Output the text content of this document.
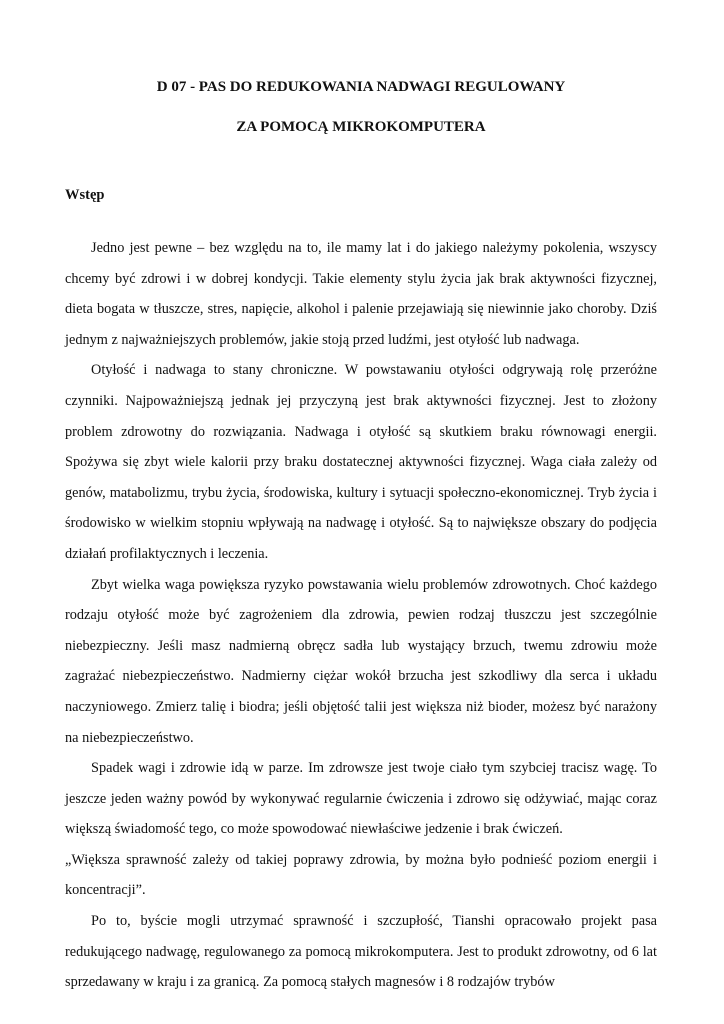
D 07 - PAS DO REDUKOWANIA NADWAGI REGULOWANY
ZA POMOCĄ MIKROKOMPUTERA
Wstęp

Jedno jest pewne – bez względu na to, ile mamy lat i do jakiego należymy pokolenia, wszyscy chcemy być zdrowi i w dobrej kondycji. Takie elementy stylu życia jak brak aktywności fizycznej, dieta bogata w tłuszcze, stres, napięcie, alkohol i palenie przejawiają się niewinnie jako choroby. Dziś jednym z najważniejszych problemów, jakie stoją przed ludźmi, jest otyłość lub nadwaga.

Otyłość i nadwaga to stany chroniczne. W powstawaniu otyłości odgrywają rolę przeróżne czynniki. Najpoważniejszą jednak jej przyczyną jest brak aktywności fizycznej. Jest to złożony problem zdrowotny do rozwiązania. Nadwaga i otyłość są skutkiem braku równowagi energii. Spożywa się zbyt wiele kalorii przy braku dostatecznej aktywności fizycznej. Waga ciała zależy od genów, matabolizmu, trybu życia, środowiska, kultury i sytuacji społeczno-ekonomicznej. Tryb życia i środowisko w wielkim stopniu wpływają na nadwagę i otyłość. Są to największe obszary do podjęcia działań profilaktycznych i leczenia.

Zbyt wielka waga powiększa ryzyko powstawania wielu problemów zdrowotnych. Choć każdego rodzaju otyłość może być zagrożeniem dla zdrowia, pewien rodzaj tłuszczu jest szczególnie niebezpieczny. Jeśli masz nadmierną obręcz sadła lub wystający brzuch, twemu zdrowiu może zagrażać niebezpieczeństwo. Nadmierny ciężar wokół brzucha jest szkodliwy dla serca i układu naczyniowego. Zmierz talię i biodra; jeśli objętość talii jest większa niż bioder, możesz być narażony na niebezpieczeństwo.

Spadek wagi i zdrowie idą w parze. Im zdrowsze jest twoje ciało tym szybciej tracisz wagę. To jeszcze jeden ważny powód by wykonywać regularnie ćwiczenia i zdrowo się odżywiać, mając coraz większą świadomość tego, co może spowodować niewłaściwe jedzenie i brak ćwiczeń.

„Większa sprawność zależy od takiej poprawy zdrowia, by można było podnieść poziom energii i koncentracji”.

Po to, byście mogli utrzymać sprawność i szczupłość, Tianshi opracowało projekt pasa redukującego nadwagę, regulowanego za pomocą mikrokomputera. Jest to produkt zdrowotny, od 6 lat sprzedawany w kraju i za granicą. Za pomocą stałych magnesów i 8 rodzajów trybów
